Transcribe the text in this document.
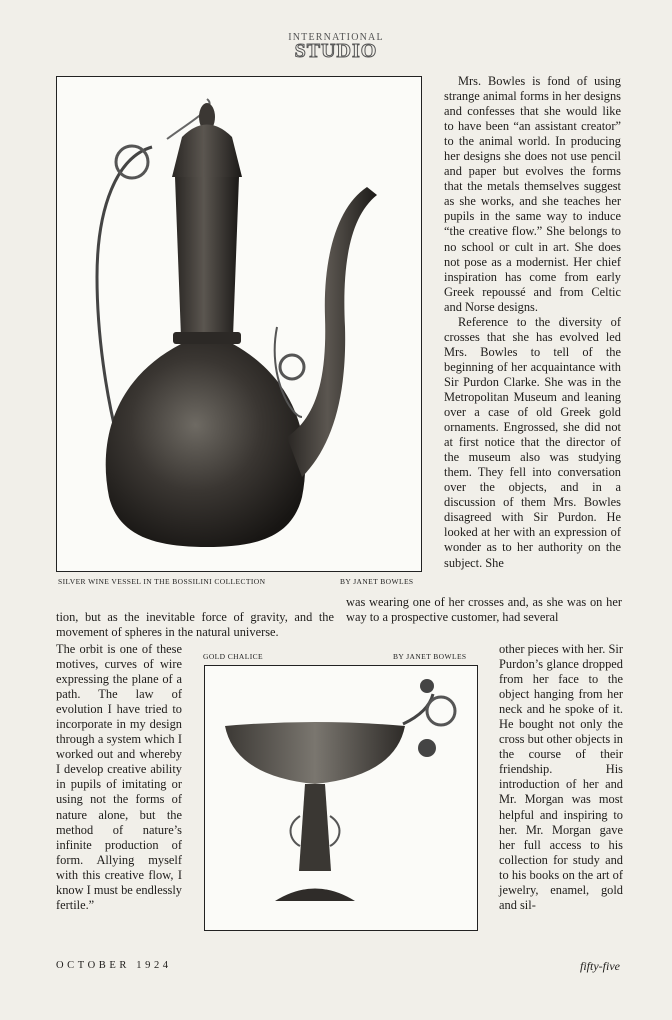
INTERNATIONAL
STUDIO
SILVER WINE VESSEL IN THE BOSSILINI COLLECTION	BY JANET BOWLES

Mrs. Bowles is fond of using strange animal forms in her designs and confesses that she would like to have been “an assistant creator” to the animal world. In producing her designs she does not use pencil and paper but evolves the forms that the metals themselves suggest as she works, and she teaches her pupils in the same way to induce “the creative flow.” She belongs to no school or cult in art. She does not pose as a modernist. Her chief inspiration has come from early Greek repoussé and from Celtic and Norse designs.

Reference to the diversity of crosses that she has evolved led Mrs. Bowles to tell of the beginning of her acquaintance with Sir Purdon Clarke. She was in the Metropolitan Museum and leaning over a case of old Greek gold ornaments. Engrossed, she did not at first notice that the director of the museum also was studying them. They fell into conversation over the objects, and in a discussion of them Mrs. Bowles disagreed with Sir Purdon. He looked at her with an expression of wonder as to her authority on the subject. She

tion, but as the inevitable force of gravity, and the movement of spheres in the natural universe.

was wearing one of her crosses and, as she was on her way to a prospective customer, had several

GOLD CHALICE	BY JANET BOWLES

The orbit is one of these motives, curves of wire expressing the plane of a path. The law of evolution I have tried to incorporate in my design through a system which I worked out and whereby I develop creative ability in pupils of imitating or using not the forms of nature alone, but the method of nature’s infinite production of form. Allying myself with this creative flow, I know I must be endlessly fertile.”

other pieces with her. Sir Purdon’s glance dropped from her face to the object hanging from her neck and he spoke of it. He bought not only the cross but other objects in the course of their friendship. His introduction of her and Mr. Morgan was most helpful and inspiring to her. Mr. Morgan gave her full access to his collection for study and to his books on the art of jewelry, enamel, gold and sil-

OCTOBER 1924	fifty-five
